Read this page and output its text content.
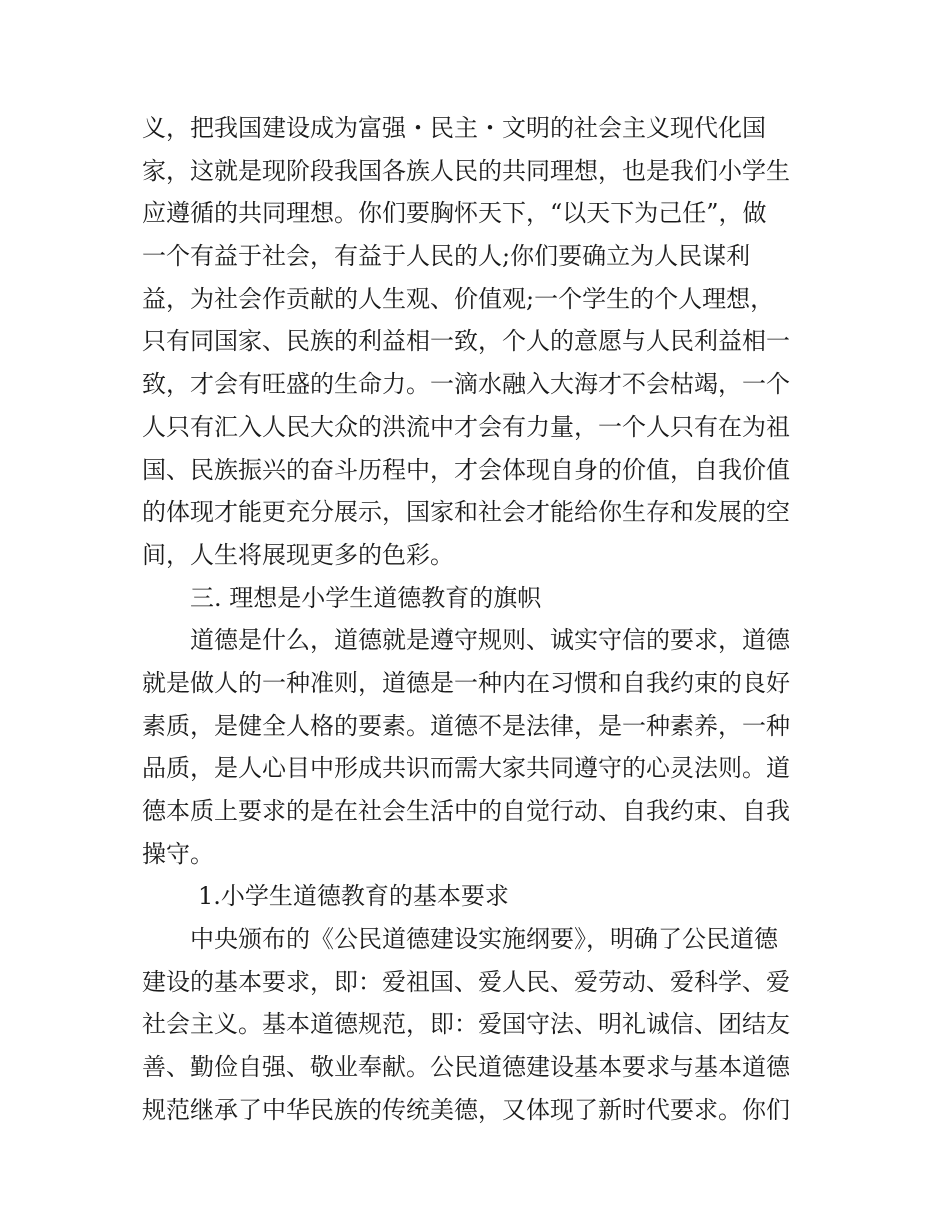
义，把我国建设成为富强・民主・文明的社会主义现代化国
家，这就是现阶段我国各族人民的共同理想，也是我们小学生
应遵循的共同理想。你们要胸怀天下，“以天下为己任”，做
一个有益于社会，有益于人民的人;你们要确立为人民谋利
益，为社会作贡献的人生观、价值观;一个学生的个人理想，
只有同国家、民族的利益相一致，个人的意愿与人民利益相一
致，才会有旺盛的生命力。一滴水融入大海才不会枯竭，一个
人只有汇入人民大众的洪流中才会有力量，一个人只有在为祖
国、民族振兴的奋斗历程中，才会体现自身的价值，自我价值
的体现才能更充分展示，国家和社会才能给你生存和发展的空
间，人生将展现更多的色彩。
三. 理想是小学生道德教育的旗帜
道德是什么，道德就是遵守规则、诚实守信的要求，道德
就是做人的一种准则，道德是一种内在习惯和自我约束的良好
素质，是健全人格的要素。道德不是法律，是一种素养，一种
品质，是人心目中形成共识而需大家共同遵守的心灵法则。道
德本质上要求的是在社会生活中的自觉行动、自我约束、自我
操守。
1.小学生道德教育的基本要求
中央颁布的《公民道德建设实施纲要》，明确了公民道德
建设的基本要求，即：爱祖国、爱人民、爱劳动、爱科学、爱
社会主义。基本道德规范，即：爱国守法、明礼诚信、团结友
善、勤俭自强、敬业奉献。公民道德建设基本要求与基本道德
规范继承了中华民族的传统美德，又体现了新时代要求。你们
